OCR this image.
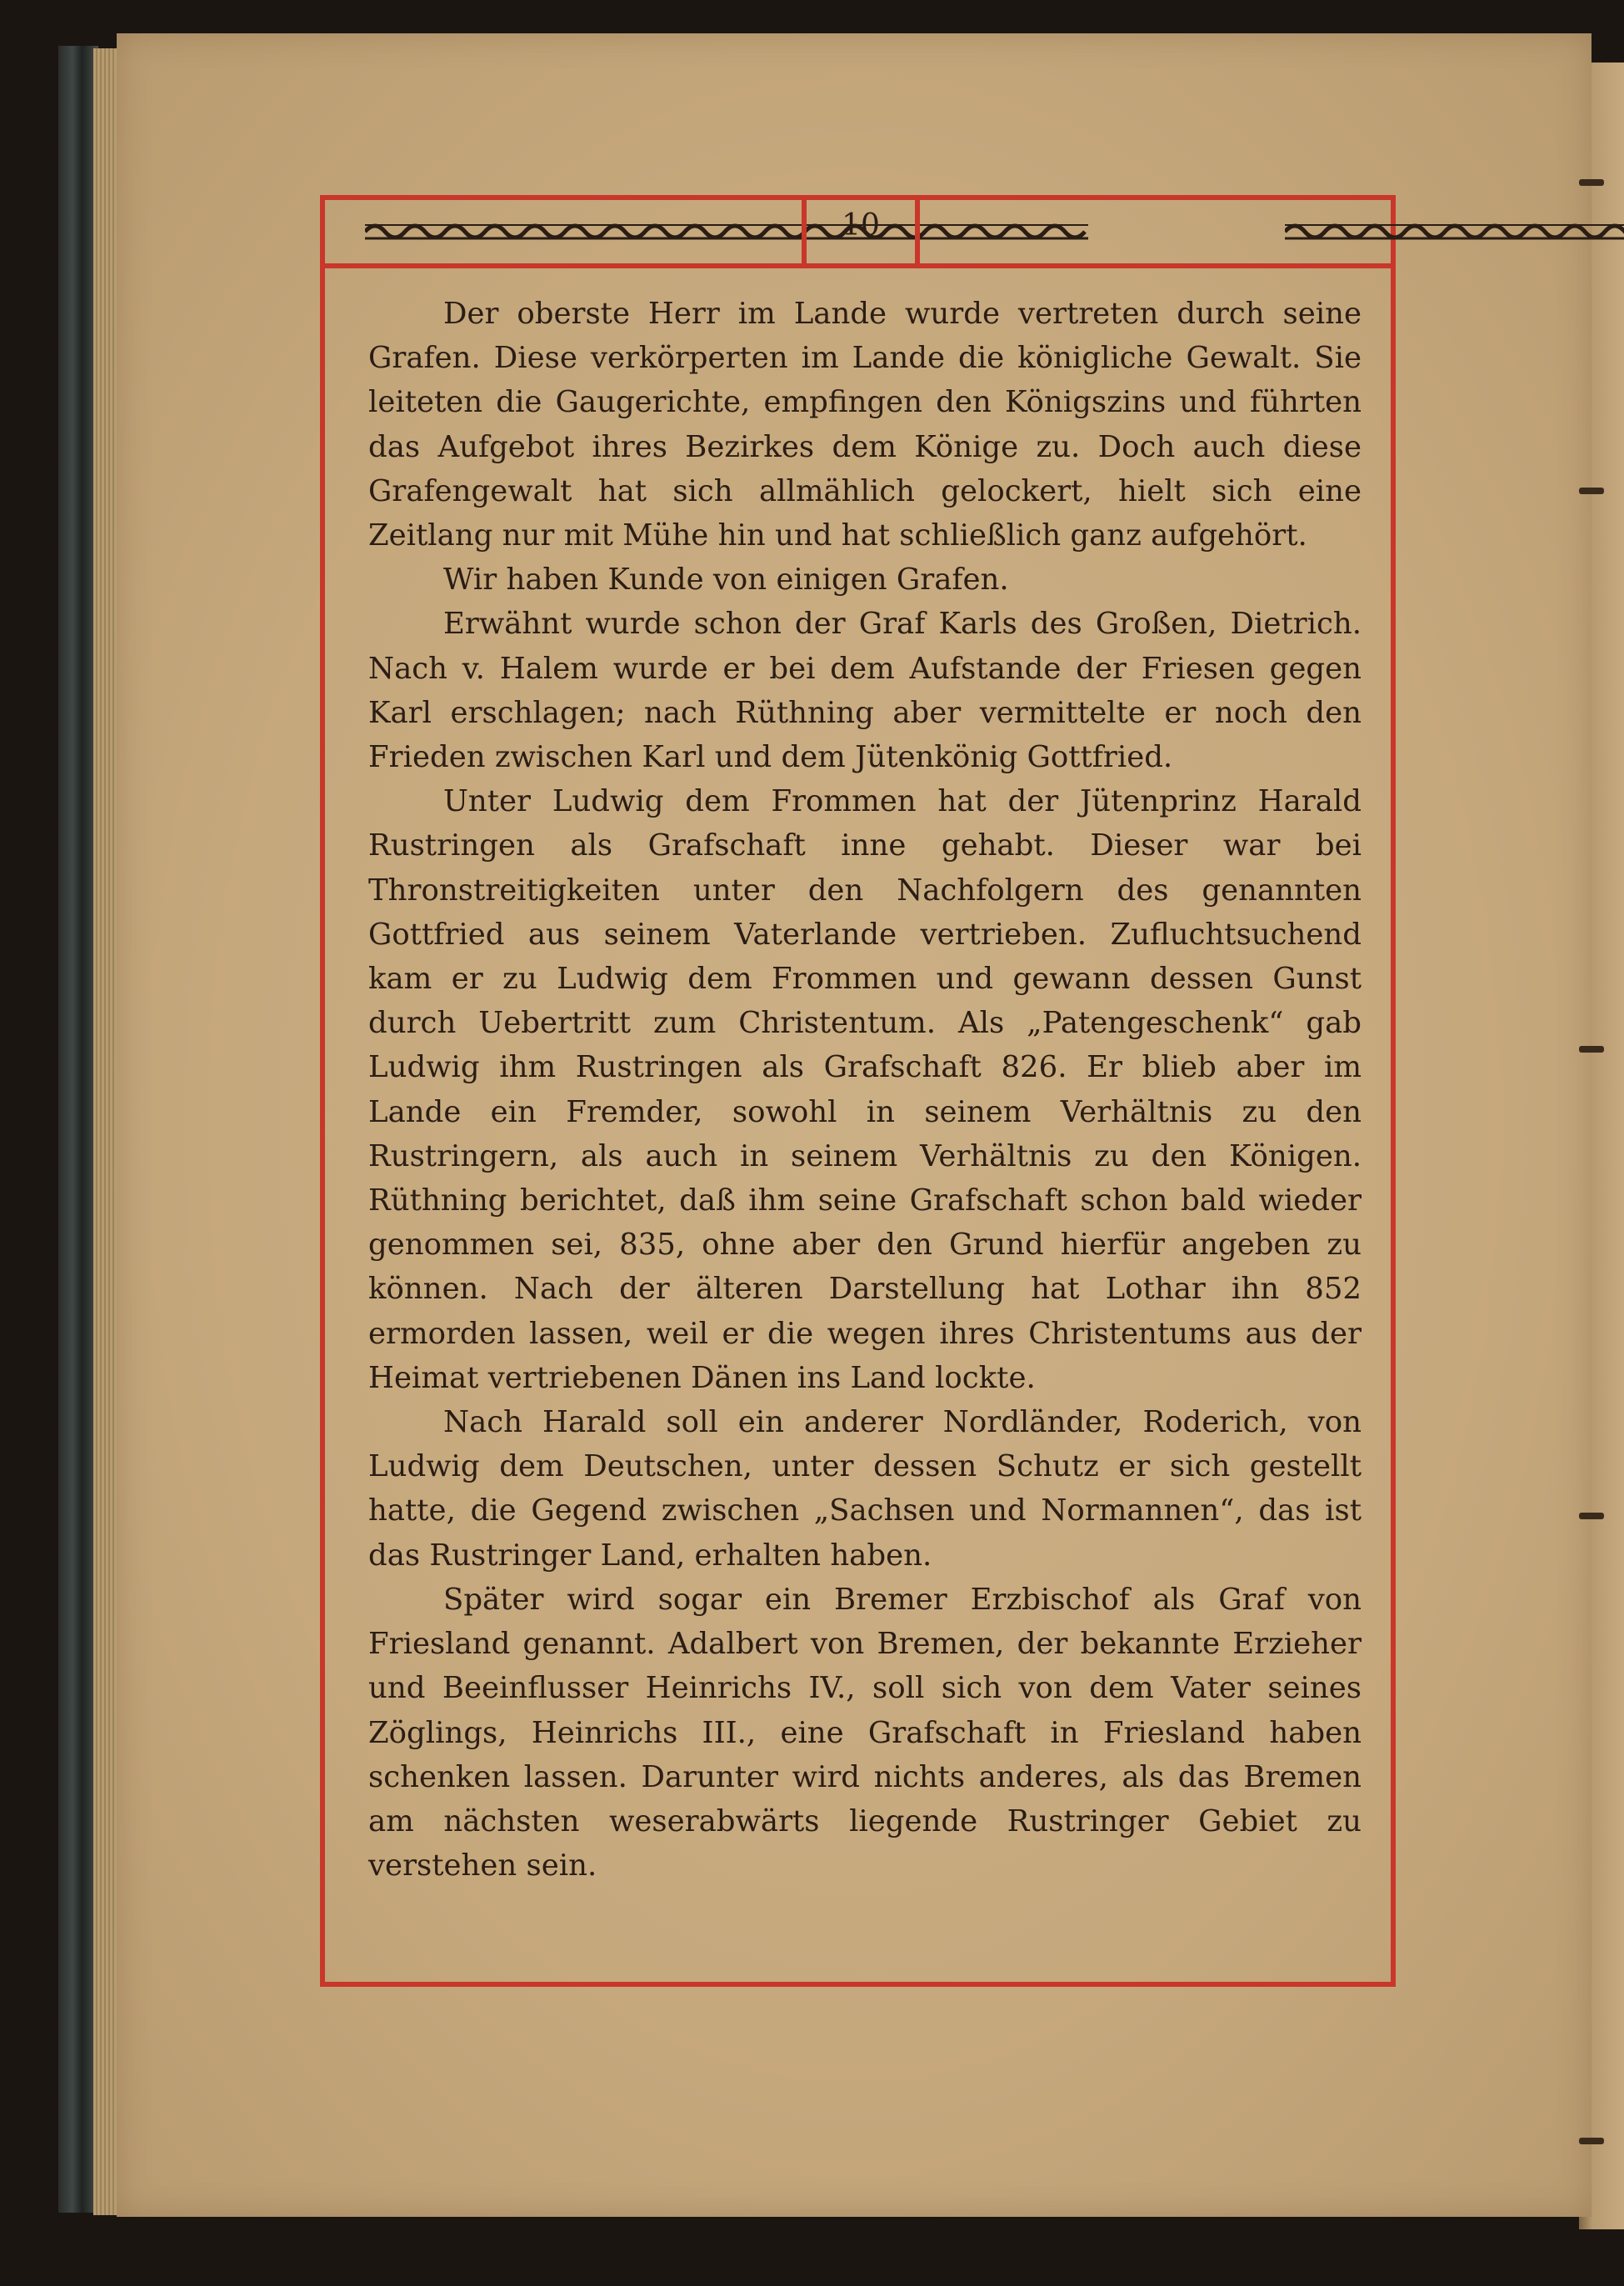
10

Der oberste Herr im Lande wurde vertreten durch seine Grafen. Diese verkörperten im Lande die königliche Gewalt. Sie leiteten die Gaugerichte, empfingen den Königszins und führten das Aufgebot ihres Bezirkes dem Könige zu. Doch auch diese Grafengewalt hat sich allmählich gelockert, hielt sich eine Zeitlang nur mit Mühe hin und hat schließlich ganz aufgehört.

Wir haben Kunde von einigen Grafen.

Erwähnt wurde schon der Graf Karls des Großen, Dietrich. Nach v. Halem wurde er bei dem Aufstande der Friesen gegen Karl erschlagen; nach Rüthning aber vermittelte er noch den Frieden zwischen Karl und dem Jütenkönig Gottfried.

Unter Ludwig dem Frommen hat der Jütenprinz Harald Rustringen als Grafschaft inne gehabt. Dieser war bei Thronstreitigkeiten unter den Nachfolgern des genannten Gottfried aus seinem Vaterlande vertrieben. Zufluchtsuchend kam er zu Ludwig dem Frommen und gewann dessen Gunst durch Uebertritt zum Christentum. Als „Patengeschenk“ gab Ludwig ihm Rustringen als Grafschaft 826. Er blieb aber im Lande ein Fremder, sowohl in seinem Verhältnis zu den Rustringern, als auch in seinem Verhältnis zu den Königen. Rüthning berichtet, daß ihm seine Grafschaft schon bald wieder genommen sei, 835, ohne aber den Grund hierfür angeben zu können. Nach der älteren Darstellung hat Lothar ihn 852 ermorden lassen, weil er die wegen ihres Christentums aus der Heimat vertriebenen Dänen ins Land lockte.

Nach Harald soll ein anderer Nordländer, Roderich, von Ludwig dem Deutschen, unter dessen Schutz er sich gestellt hatte, die Gegend zwischen „Sachsen und Normannen“, das ist das Rustringer Land, erhalten haben.

Später wird sogar ein Bremer Erzbischof als Graf von Friesland genannt. Adalbert von Bremen, der bekannte Erzieher und Beeinflusser Heinrichs IV., soll sich von dem Vater seines Zöglings, Heinrichs III., eine Grafschaft in Friesland haben schenken lassen. Darunter wird nichts anderes, als das Bremen am nächsten weserabwärts liegende Rustringer Gebiet zu verstehen sein.
